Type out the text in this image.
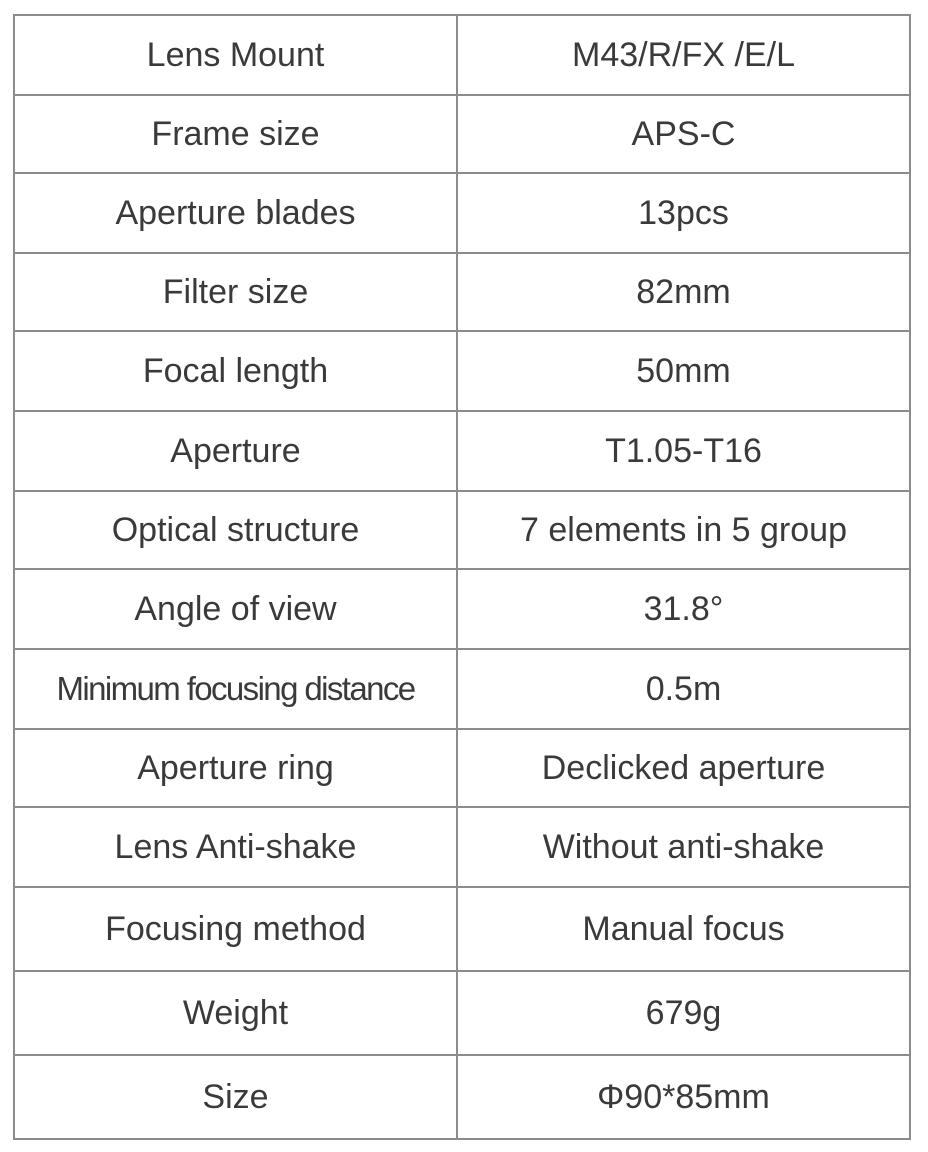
Lens Mount	M43/R/FX /E/L
Frame size	APS-C
Aperture blades	13pcs
Filter size	82mm
Focal length	50mm
Aperture	T1.05-T16
Optical structure	7 elements in 5 group
Angle of view	31.8°
Minimum focusing distance	0.5m
Aperture ring	Declicked aperture
Lens Anti-shake	Without anti-shake
Focusing method	Manual focus
Weight	679g
Size	Φ90*85mm
